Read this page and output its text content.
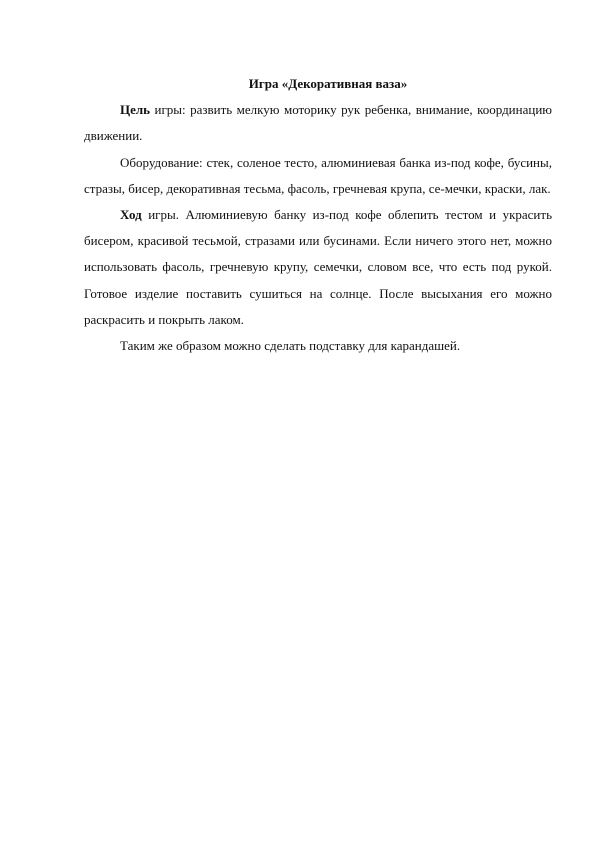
Игра «Декоративная ваза»

Цель игры: развить мелкую моторику рук ребенка, внимание, координацию движении.

Оборудование: стек, соленое тесто, алюминиевая банка из-под кофе, бусины, стразы, бисер, декоративная тесьма, фасоль, гречневая крупа, се-мечки, краски, лак.

Ход игры. Алюминиевую банку из-под кофе облепить тестом и украсить бисером, красивой тесьмой, стразами или бусинами. Если ничего этого нет, можно использовать фасоль, гречневую крупу, семечки, словом все, что есть под рукой. Готовое изделие поставить сушиться на солнце. После высыхания его можно раскрасить и покрыть лаком.

Таким же образом можно сделать подставку для карандашей.
